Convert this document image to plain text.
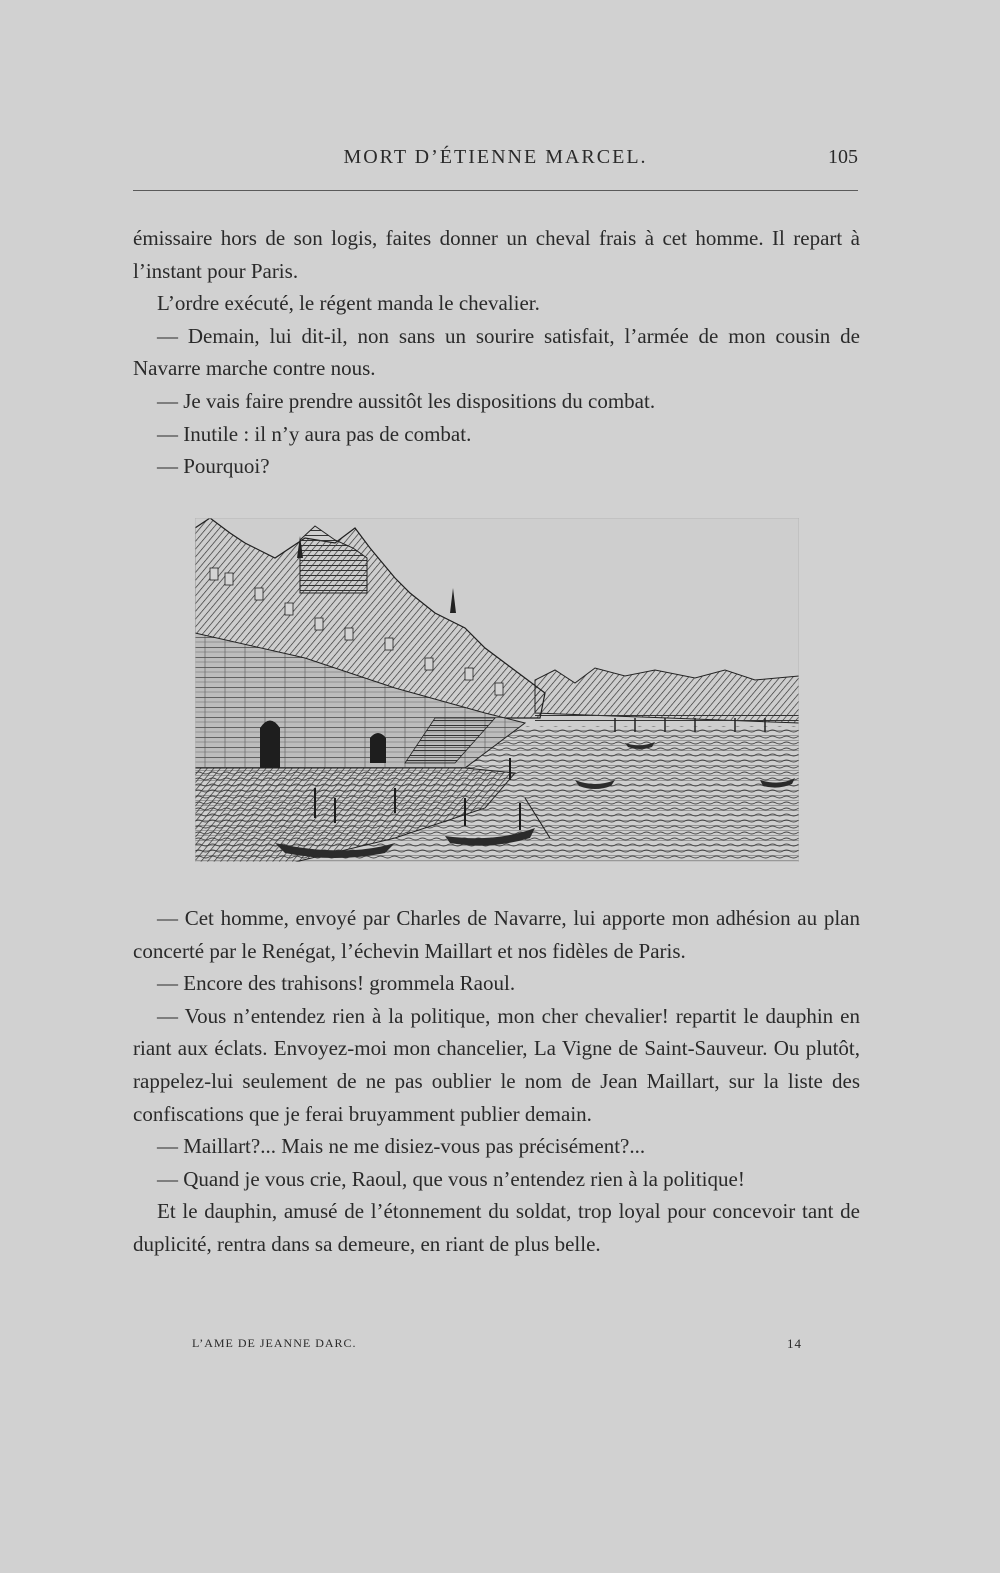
MORT D’ÉTIENNE MARCEL.	105

émissaire hors de son logis, faites donner un cheval frais à cet homme. Il repart à l’instant pour Paris.

L’ordre exécuté, le régent manda le chevalier.

— Demain, lui dit-il, non sans un sourire satisfait, l’armée de mon cousin de Navarre marche contre nous.

— Je vais faire prendre aussitôt les dispositions du combat.

— Inutile : il n’y aura pas de combat.

— Pourquoi?

— Cet homme, envoyé par Charles de Navarre, lui apporte mon adhésion au plan concerté par le Renégat, l’échevin Maillart et nos fidèles de Paris.

— Encore des trahisons! grommela Raoul.

— Vous n’entendez rien à la politique, mon cher chevalier! repartit le dauphin en riant aux éclats. Envoyez-moi mon chancelier, La Vigne de Saint-Sauveur. Ou plutôt, rappelez-lui seulement de ne pas oublier le nom de Jean Maillart, sur la liste des confiscations que je ferai bruyamment publier demain.

— Maillart?... Mais ne me disiez-vous pas précisément?...

— Quand je vous crie, Raoul, que vous n’entendez rien à la politique!

Et le dauphin, amusé de l’étonnement du soldat, trop loyal pour concevoir tant de duplicité, rentra dans sa demeure, en riant de plus belle.

L’AME DE JEANNE DARC.	14
